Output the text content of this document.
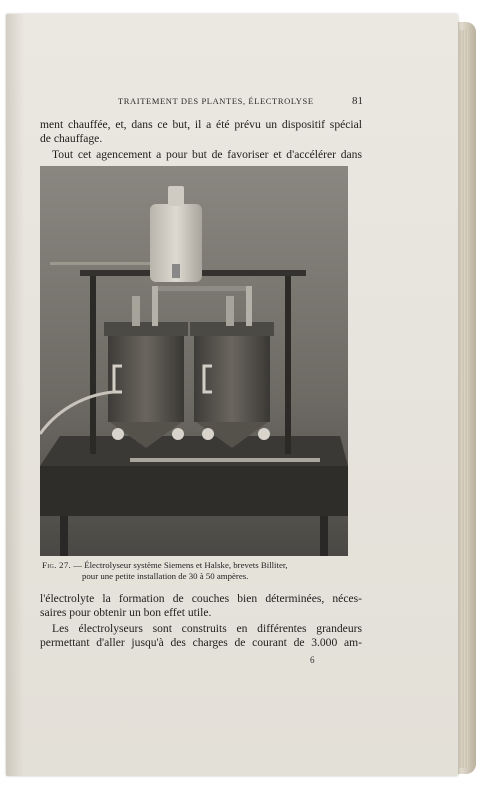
TRAITEMENT DES PLANTES, ÉLECTROLYSE	81
ment chauffée, et, dans ce but, il a été prévu un dispositif spécial
de chauffage.
Tout cet agencement a pour but de favoriser et d'accélérer dans
Fig. 27. — Électrolyseur système Siemens et Halske, brevets Billiter,
pour une petite installation de 30 à 50 ampères.
l'électrolyte la formation de couches bien déterminées, néces-
saires pour obtenir un bon effet utile.
Les électrolyseurs sont construits en différentes grandeurs
permettant d'aller jusqu'à des charges de courant de 3.000 am-
6
